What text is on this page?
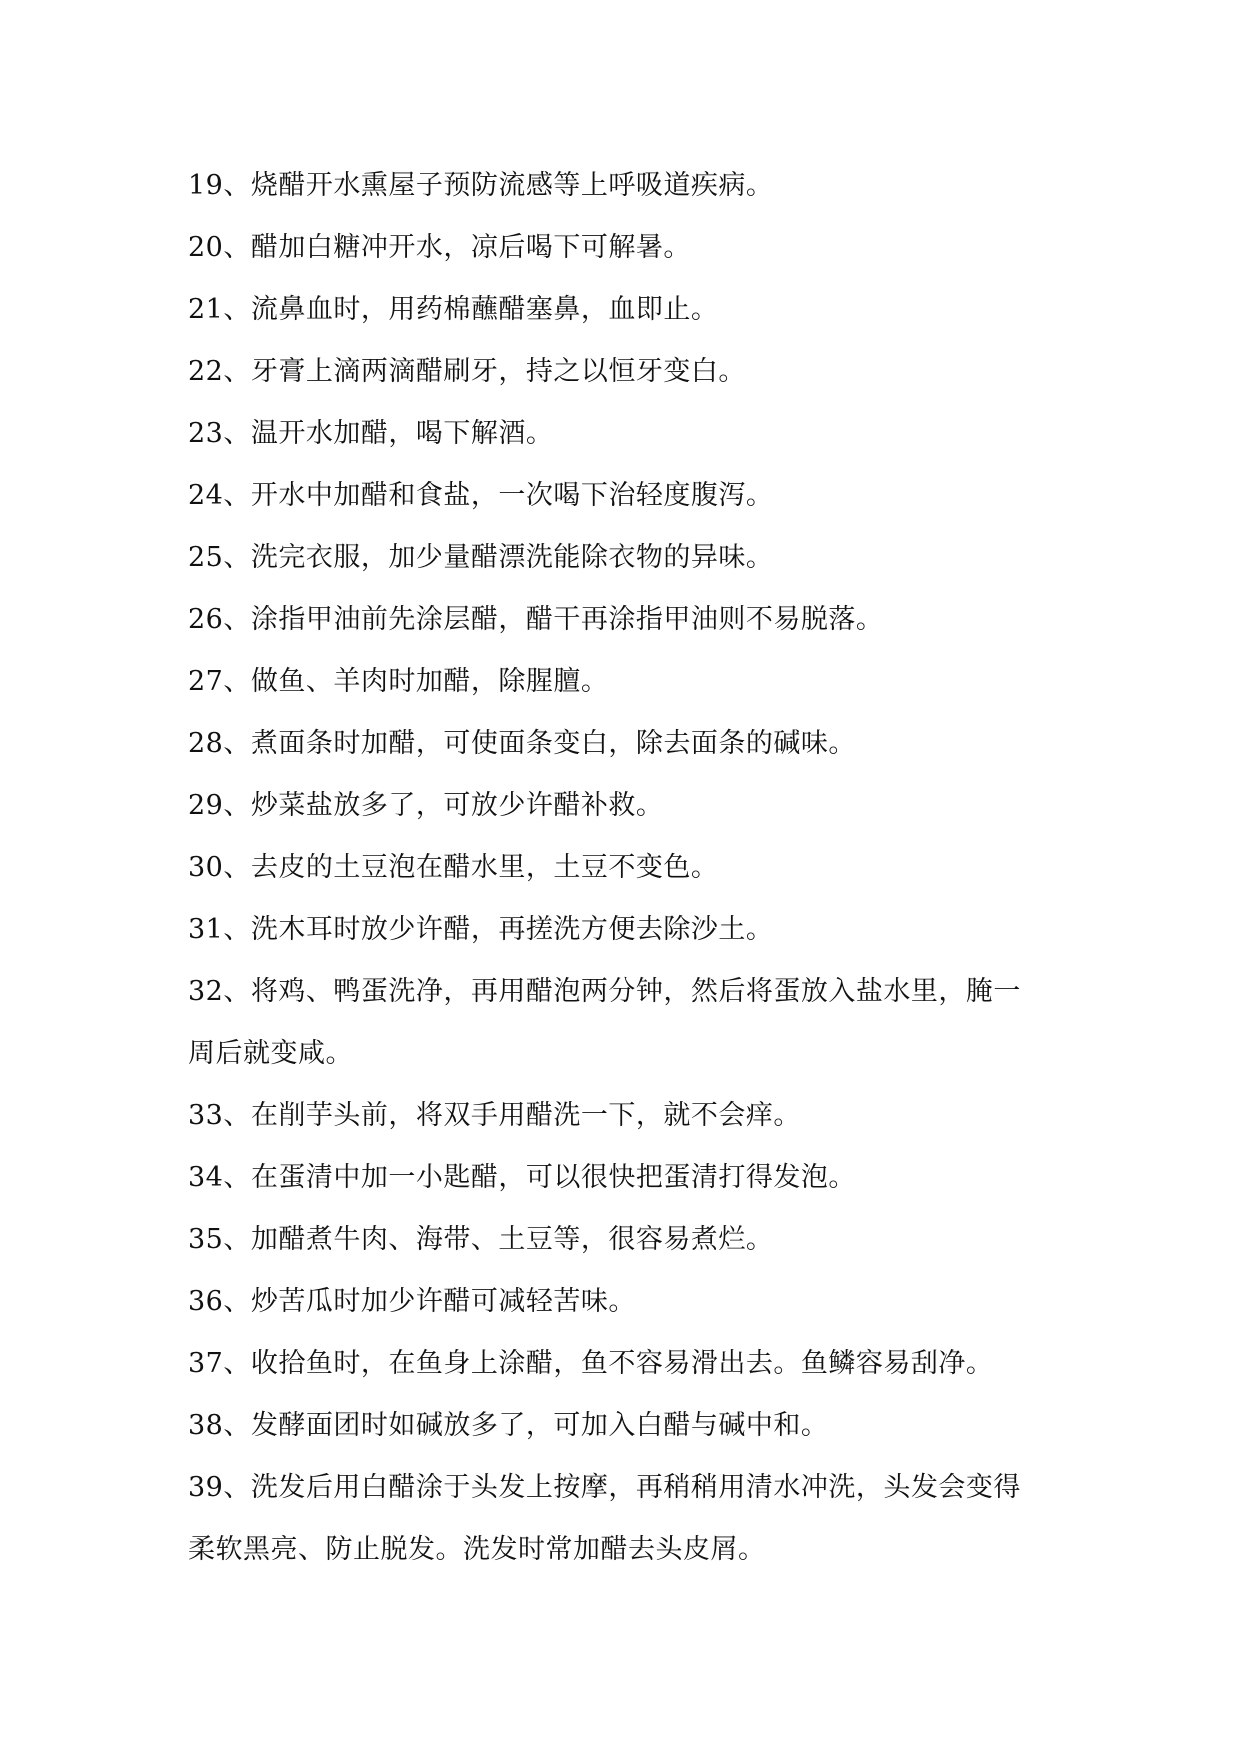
19、烧醋开水熏屋子预防流感等上呼吸道疾病。
20、醋加白糖冲开水，凉后喝下可解暑。
21、流鼻血时，用药棉蘸醋塞鼻，血即止。
22、牙膏上滴两滴醋刷牙，持之以恒牙变白。
23、温开水加醋，喝下解酒。
24、开水中加醋和食盐，一次喝下治轻度腹泻。
25、洗完衣服，加少量醋漂洗能除衣物的异味。
26、涂指甲油前先涂层醋，醋干再涂指甲油则不易脱落。
27、做鱼、羊肉时加醋，除腥膻。
28、煮面条时加醋，可使面条变白，除去面条的碱味。
29、炒菜盐放多了，可放少许醋补救。
30、去皮的土豆泡在醋水里，土豆不变色。
31、洗木耳时放少许醋，再搓洗方便去除沙土。
32、将鸡、鸭蛋洗净，再用醋泡两分钟，然后将蛋放入盐水里，腌一
周后就变咸。
33、在削芋头前，将双手用醋洗一下，就不会痒。
34、在蛋清中加一小匙醋，可以很快把蛋清打得发泡。
35、加醋煮牛肉、海带、土豆等，很容易煮烂。
36、炒苦瓜时加少许醋可减轻苦味。
37、收拾鱼时，在鱼身上涂醋，鱼不容易滑出去。鱼鳞容易刮净。
38、发酵面团时如碱放多了，可加入白醋与碱中和。
39、洗发后用白醋涂于头发上按摩，再稍稍用清水冲洗，头发会变得
柔软黑亮、防止脱发。洗发时常加醋去头皮屑。
